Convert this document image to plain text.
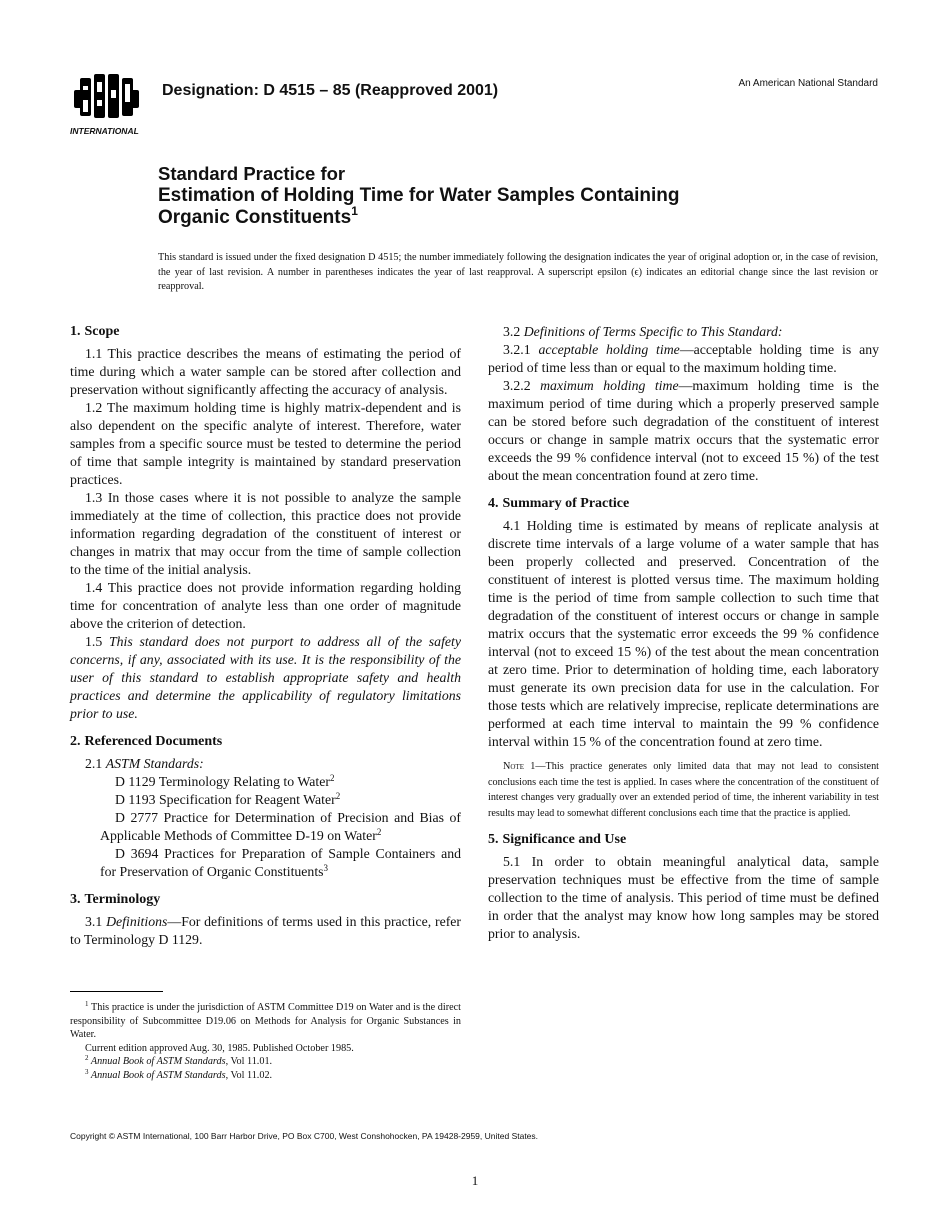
INTERNATIONAL
Designation: D 4515 – 85 (Reapproved 2001)	An American National Standard
Standard Practice for
Estimation of Holding Time for Water Samples Containing
Organic Constituents$^1$
This standard is issued under the fixed designation D 4515; the number immediately following the designation indicates the year of original adoption or, in the case of revision, the year of last revision. A number in parentheses indicates the year of last reapproval. A superscript epsilon (ϵ) indicates an editorial change since the last revision or reapproval.
1. Scope

1.1 This practice describes the means of estimating the period of time during which a water sample can be stored after collection and preservation without significantly affecting the accuracy of analysis.

1.2 The maximum holding time is highly matrix-dependent and is also dependent on the specific analyte of interest. Therefore, water samples from a specific source must be tested to determine the period of time that sample integrity is maintained by standard preservation practices.

1.3 In those cases where it is not possible to analyze the sample immediately at the time of collection, this practice does not provide information regarding degradation of the constituent of interest or changes in matrix that may occur from the time of sample collection to the time of the initial analysis.

1.4 This practice does not provide information regarding holding time for concentration of analyte less than one order of magnitude above the criterion of detection.

1.5 This standard does not purport to address all of the safety concerns, if any, associated with its use. It is the responsibility of the user of this standard to establish appropriate safety and health practices and determine the applicability of regulatory limitations prior to use.

2. Referenced Documents

2.1 ASTM Standards:

D 1129 Terminology Relating to Water$^2$

D 1193 Specification for Reagent Water$^2$

D 2777 Practice for Determination of Precision and Bias of Applicable Methods of Committee D-19 on Water$^2$

D 3694 Practices for Preparation of Sample Containers and for Preservation of Organic Constituents$^3$

3. Terminology

3.1 Definitions—For definitions of terms used in this practice, refer to Terminology D 1129.

$^1$ This practice is under the jurisdiction of ASTM Committee D19 on Water and is the direct responsibility of Subcommittee D19.06 on Methods for Analysis for Organic Substances in Water.

Current edition approved Aug. 30, 1985. Published October 1985.

$^2$ Annual Book of ASTM Standards, Vol 11.01.

$^3$ Annual Book of ASTM Standards, Vol 11.02.

3.2 Definitions of Terms Specific to This Standard:

3.2.1 acceptable holding time—acceptable holding time is any period of time less than or equal to the maximum holding time.

3.2.2 maximum holding time—maximum holding time is the maximum period of time during which a properly preserved sample can be stored before such degradation of the constituent of interest occurs or change in sample matrix occurs that the systematic error exceeds the 99 % confidence interval (not to exceed 15 %) of the test about the mean concentration found at zero time.

4. Summary of Practice

4.1 Holding time is estimated by means of replicate analysis at discrete time intervals of a large volume of a water sample that has been properly collected and preserved. Concentration of the constituent of interest is plotted versus time. The maximum holding time is the period of time from sample collection to such time that degradation of the constituent of interest occurs or change in sample matrix occurs that the systematic error exceeds the 99 % confidence interval (not to exceed 15 %) of the test about the mean concentration at zero time. Prior to determination of holding time, each laboratory must generate its own precision data for use in the calculation. For those tests which are relatively imprecise, replicate determinations are performed at each time interval to maintain the 99 % confidence interval within 15 % of the concentration found at zero time.

Note 1—This practice generates only limited data that may not lead to consistent conclusions each time the test is applied. In cases where the concentration of the constituent of interest changes very gradually over an extended period of time, the inherent variability in test results may lead to somewhat different conclusions each time that the practice is applied.

5. Significance and Use

5.1 In order to obtain meaningful analytical data, sample preservation techniques must be effective from the time of sample collection to the time of analysis. This period of time must be defined in order that the analyst may know how long samples may be stored prior to analysis.

Copyright © ASTM International, 100 Barr Harbor Drive, PO Box C700, West Conshohocken, PA 19428-2959, United States.
1
